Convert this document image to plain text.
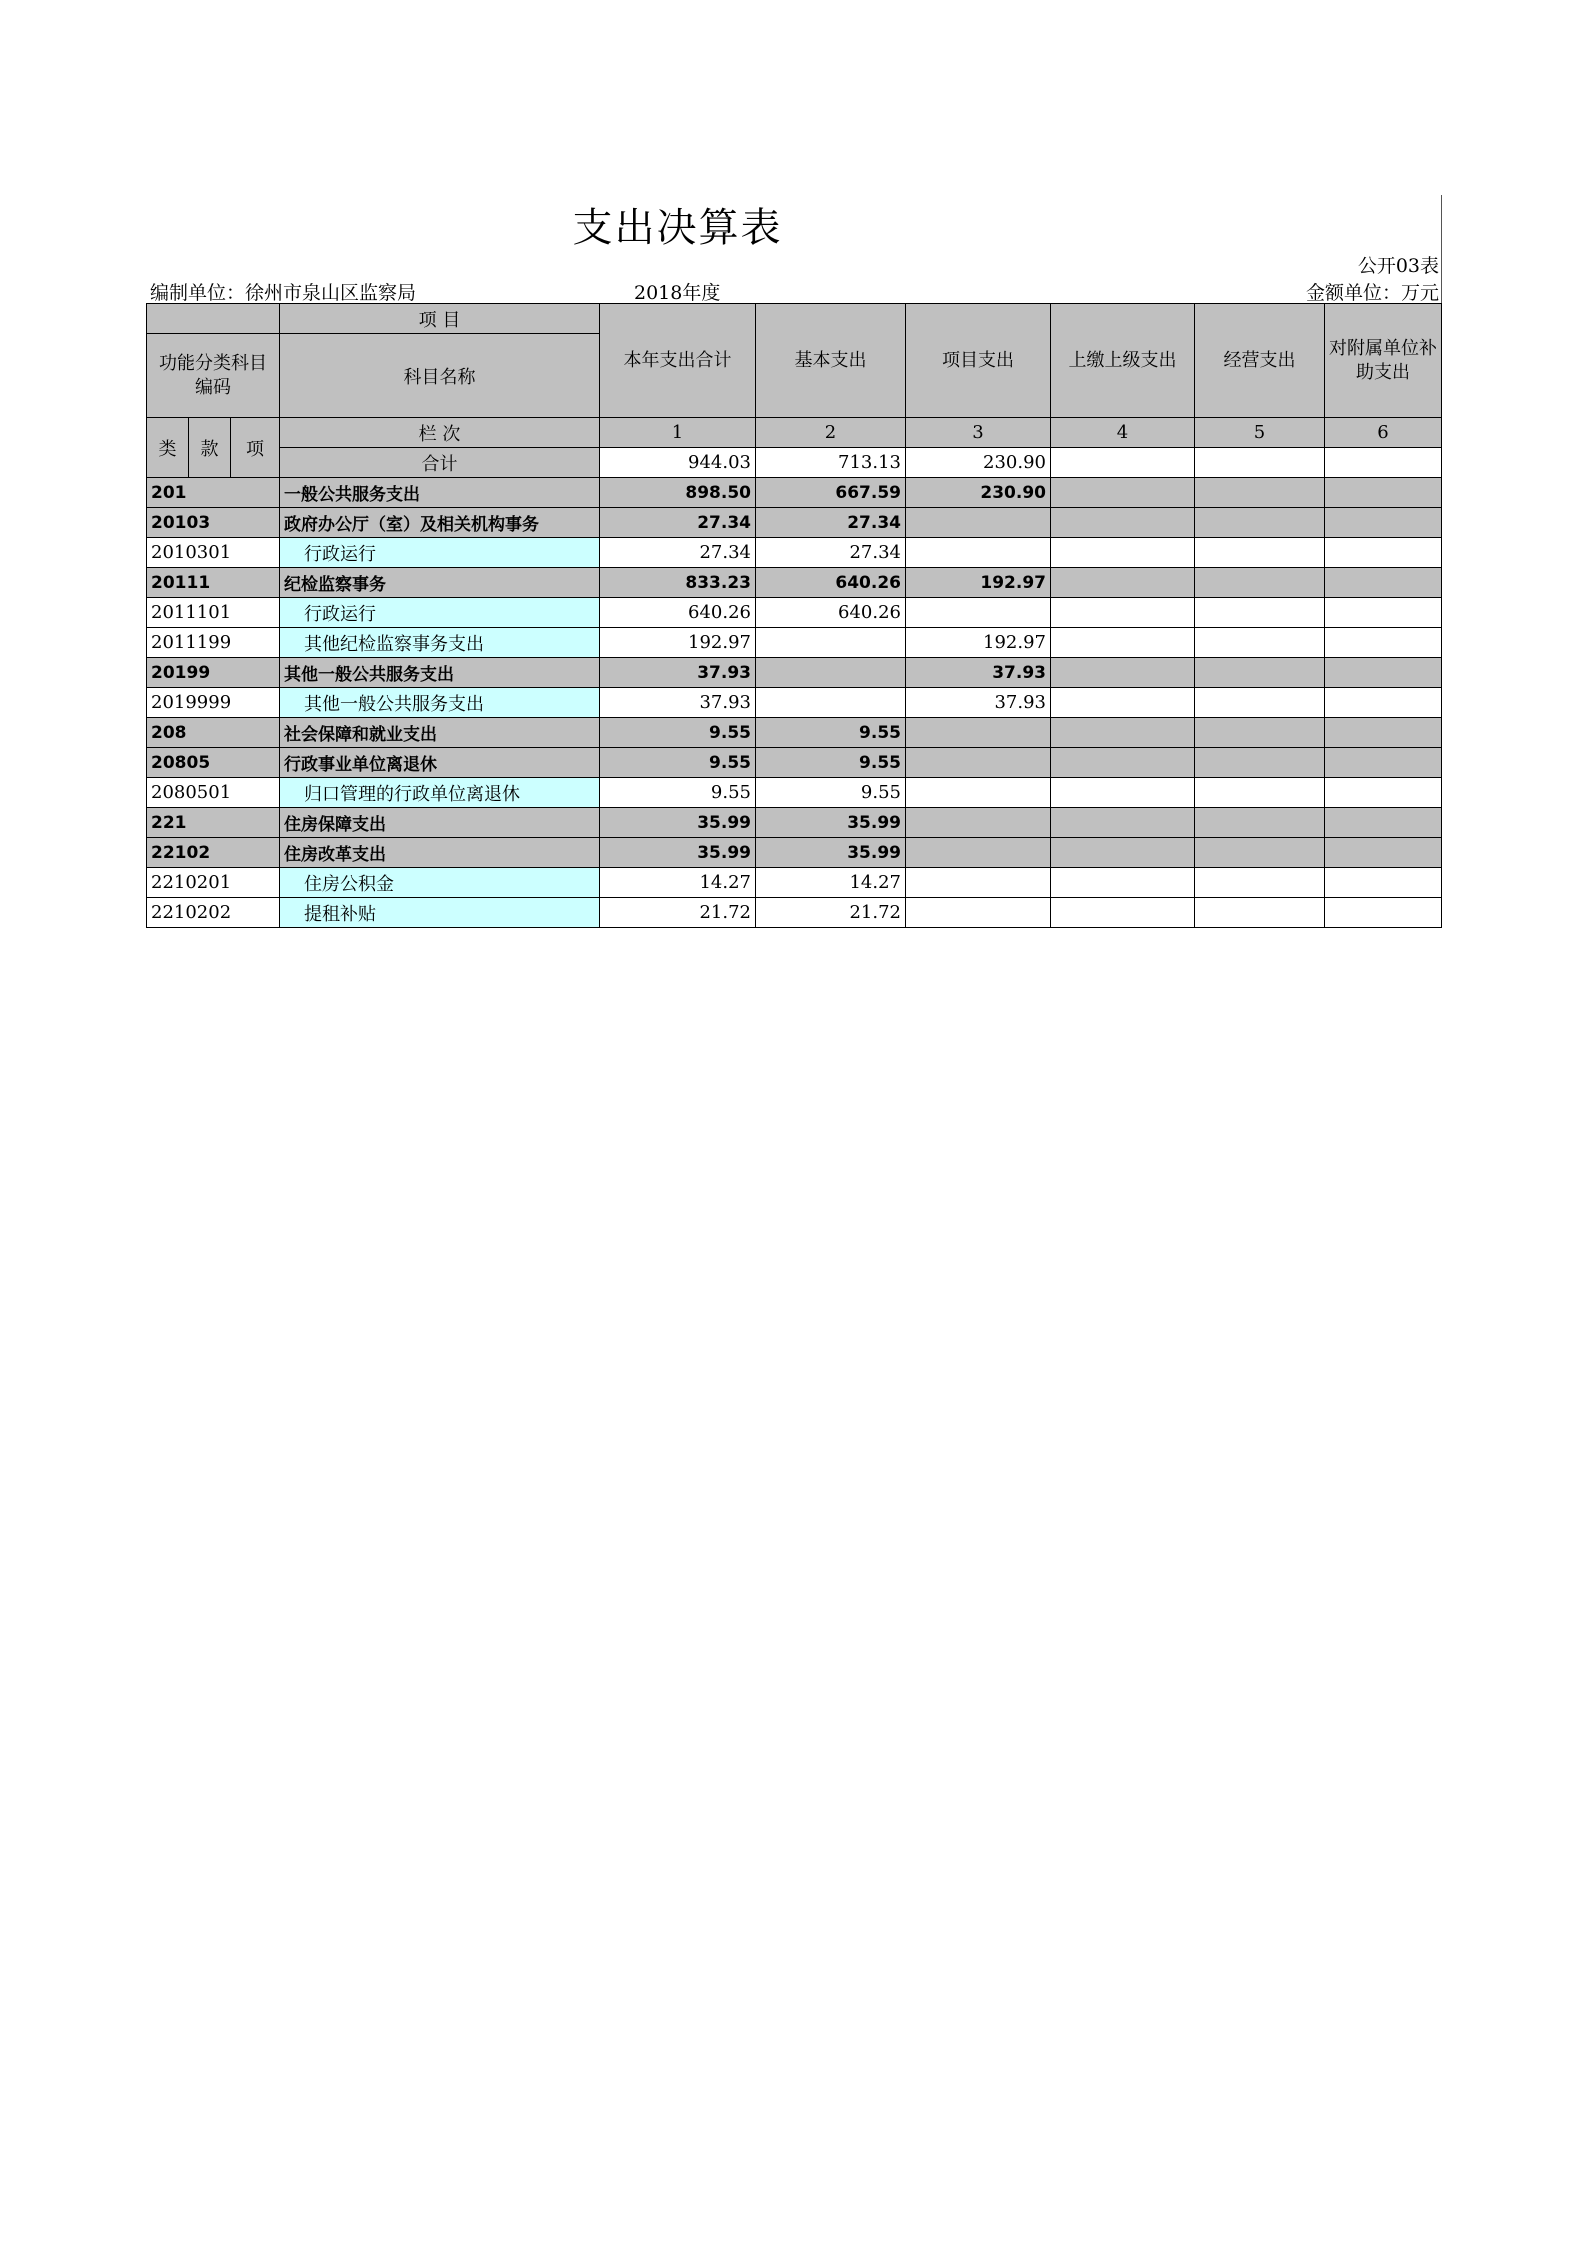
支出决算表
公开03表
编制单位：徐州市泉山区监察局	2018年度	金额单位：万元
			项 目	本年支出合计	基本支出	项目支出	上缴上级支出	经营支出	对附属单位补助支出

功能分类科目编码			科目名称						
类	款	项	栏 次	1	2	3	4	5	6
			合计	944.03	713.13	230.90			
201			一般公共服务支出	898.50	667.59	230.90			
20103			政府办公厅（室）及相关机构事务	27.34	27.34				
2010301			行政运行	27.34	27.34				
20111			纪检监察事务	833.23	640.26	192.97			
2011101			行政运行	640.26	640.26				
2011199			其他纪检监察事务支出	192.97		192.97			
20199			其他一般公共服务支出	37.93		37.93			
2019999			其他一般公共服务支出	37.93		37.93			
208			社会保障和就业支出	9.55	9.55				
20805			行政事业单位离退休	9.55	9.55				
2080501			归口管理的行政单位离退休	9.55	9.55				
221			住房保障支出	35.99	35.99				
22102			住房改革支出	35.99	35.99				
2210201			住房公积金	14.27	14.27				
2210202			提租补贴	21.72	21.72				
